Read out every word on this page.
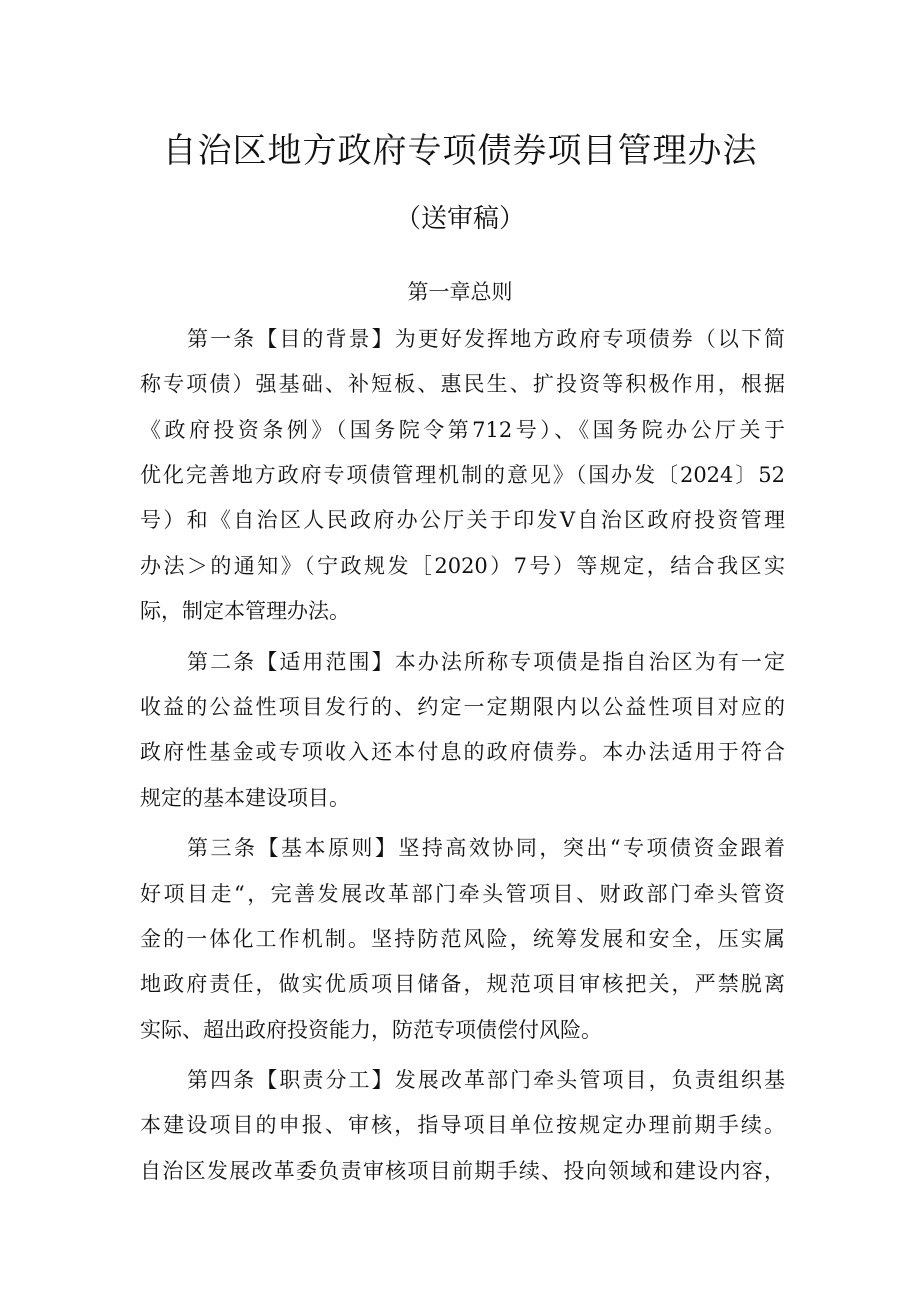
自治区地方政府专项债券项目管理办法
（送审稿）
第一章总则
第一条【目的背景】为更好发挥地方政府专项债券（以下简
称专项债）强基础、补短板、惠民生、扩投资等积极作用，根据
《政府投资条例》（国务院令第712号）、《国务院办公厅关于
优化完善地方政府专项债管理机制的意见》（国办发〔2024〕52
号）和《自治区人民政府办公厅关于印发V自治区政府投资管理
办法＞的通知》（宁政规发［2020）7号）等规定，结合我区实
际，制定本管理办法。
第二条【适用范围】本办法所称专项债是指自治区为有一定
收益的公益性项目发行的、约定一定期限内以公益性项目对应的
政府性基金或专项收入还本付息的政府债券。本办法适用于符合
规定的基本建设项目。
第三条【基本原则】坚持高效协同，突出“专项债资金跟着
好项目走“，完善发展改革部门牵头管项目、财政部门牵头管资
金的一体化工作机制。坚持防范风险，统筹发展和安全，压实属
地政府责任，做实优质项目储备，规范项目审核把关，严禁脱离
实际、超出政府投资能力，防范专项债偿付风险。
第四条【职责分工】发展改革部门牵头管项目，负责组织基
本建设项目的申报、审核，指导项目单位按规定办理前期手续。
自治区发展改革委负责审核项目前期手续、投向领域和建设内容，
